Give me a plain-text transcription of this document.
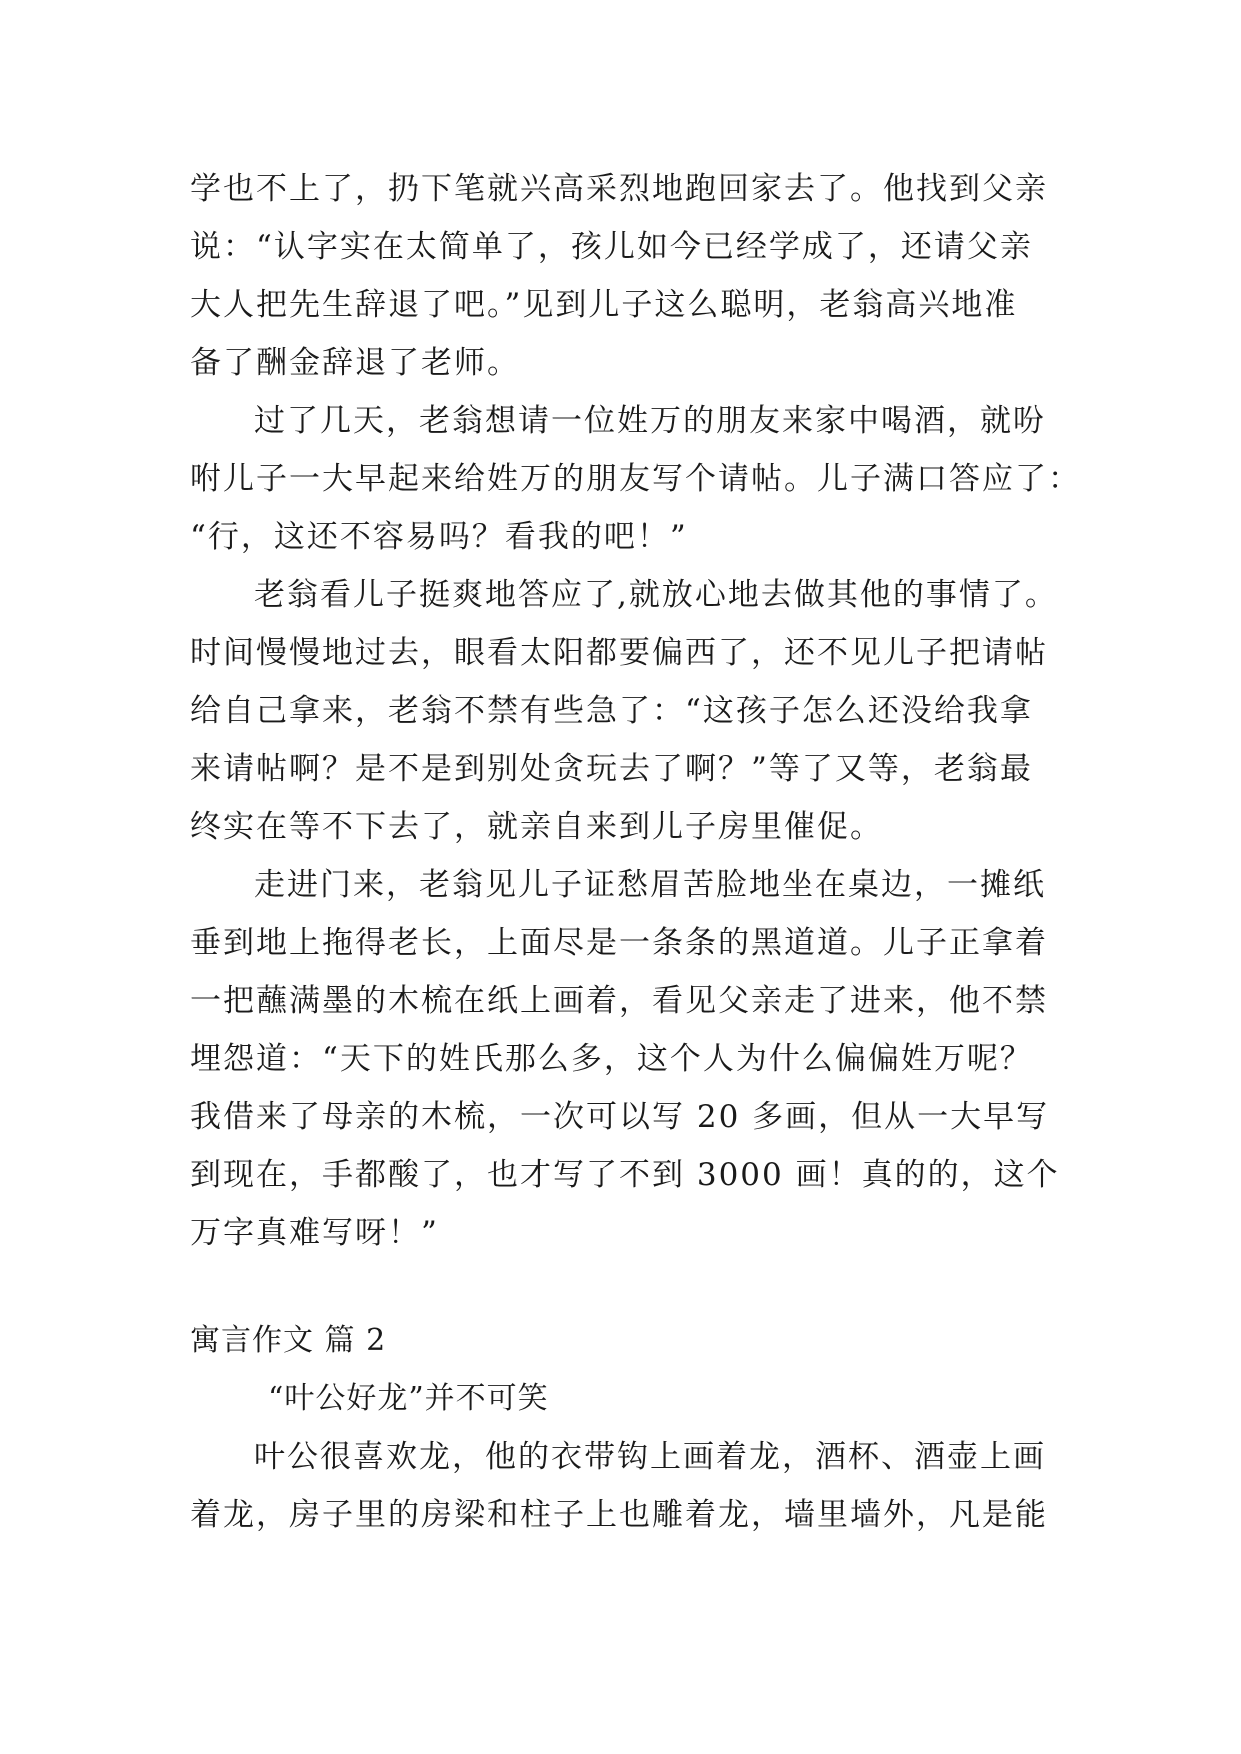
学也不上了，扔下笔就兴高采烈地跑回家去了。他找到父亲
说：“认字实在太简单了，孩儿如今已经学成了，还请父亲
大人把先生辞退了吧。”见到儿子这么聪明，老翁高兴地准
备了酬金辞退了老师。
过了几天，老翁想请一位姓万的朋友来家中喝酒，就吩
咐儿子一大早起来给姓万的朋友写个请帖。儿子满口答应了：
“行，这还不容易吗？看我的吧！”
老翁看儿子挺爽地答应了,就放心地去做其他的事情了。
时间慢慢地过去，眼看太阳都要偏西了，还不见儿子把请帖
给自己拿来，老翁不禁有些急了：“这孩子怎么还没给我拿
来请帖啊？是不是到别处贪玩去了啊？”等了又等，老翁最
终实在等不下去了，就亲自来到儿子房里催促。
走进门来，老翁见儿子证愁眉苦脸地坐在桌边，一摊纸
垂到地上拖得老长，上面尽是一条条的黑道道。儿子正拿着
一把蘸满墨的木梳在纸上画着，看见父亲走了进来，他不禁
埋怨道：“天下的姓氏那么多，这个人为什么偏偏姓万呢？
我借来了母亲的木梳，一次可以写 20 多画，但从一大早写
到现在，手都酸了，也才写了不到 3000 画！真的的，这个
万字真难写呀！”
寓言作文 篇 2
“叶公好龙”并不可笑
叶公很喜欢龙，他的衣带钩上画着龙，酒杯、酒壶上画
着龙，房子里的房梁和柱子上也雕着龙，墙里墙外，凡是能
